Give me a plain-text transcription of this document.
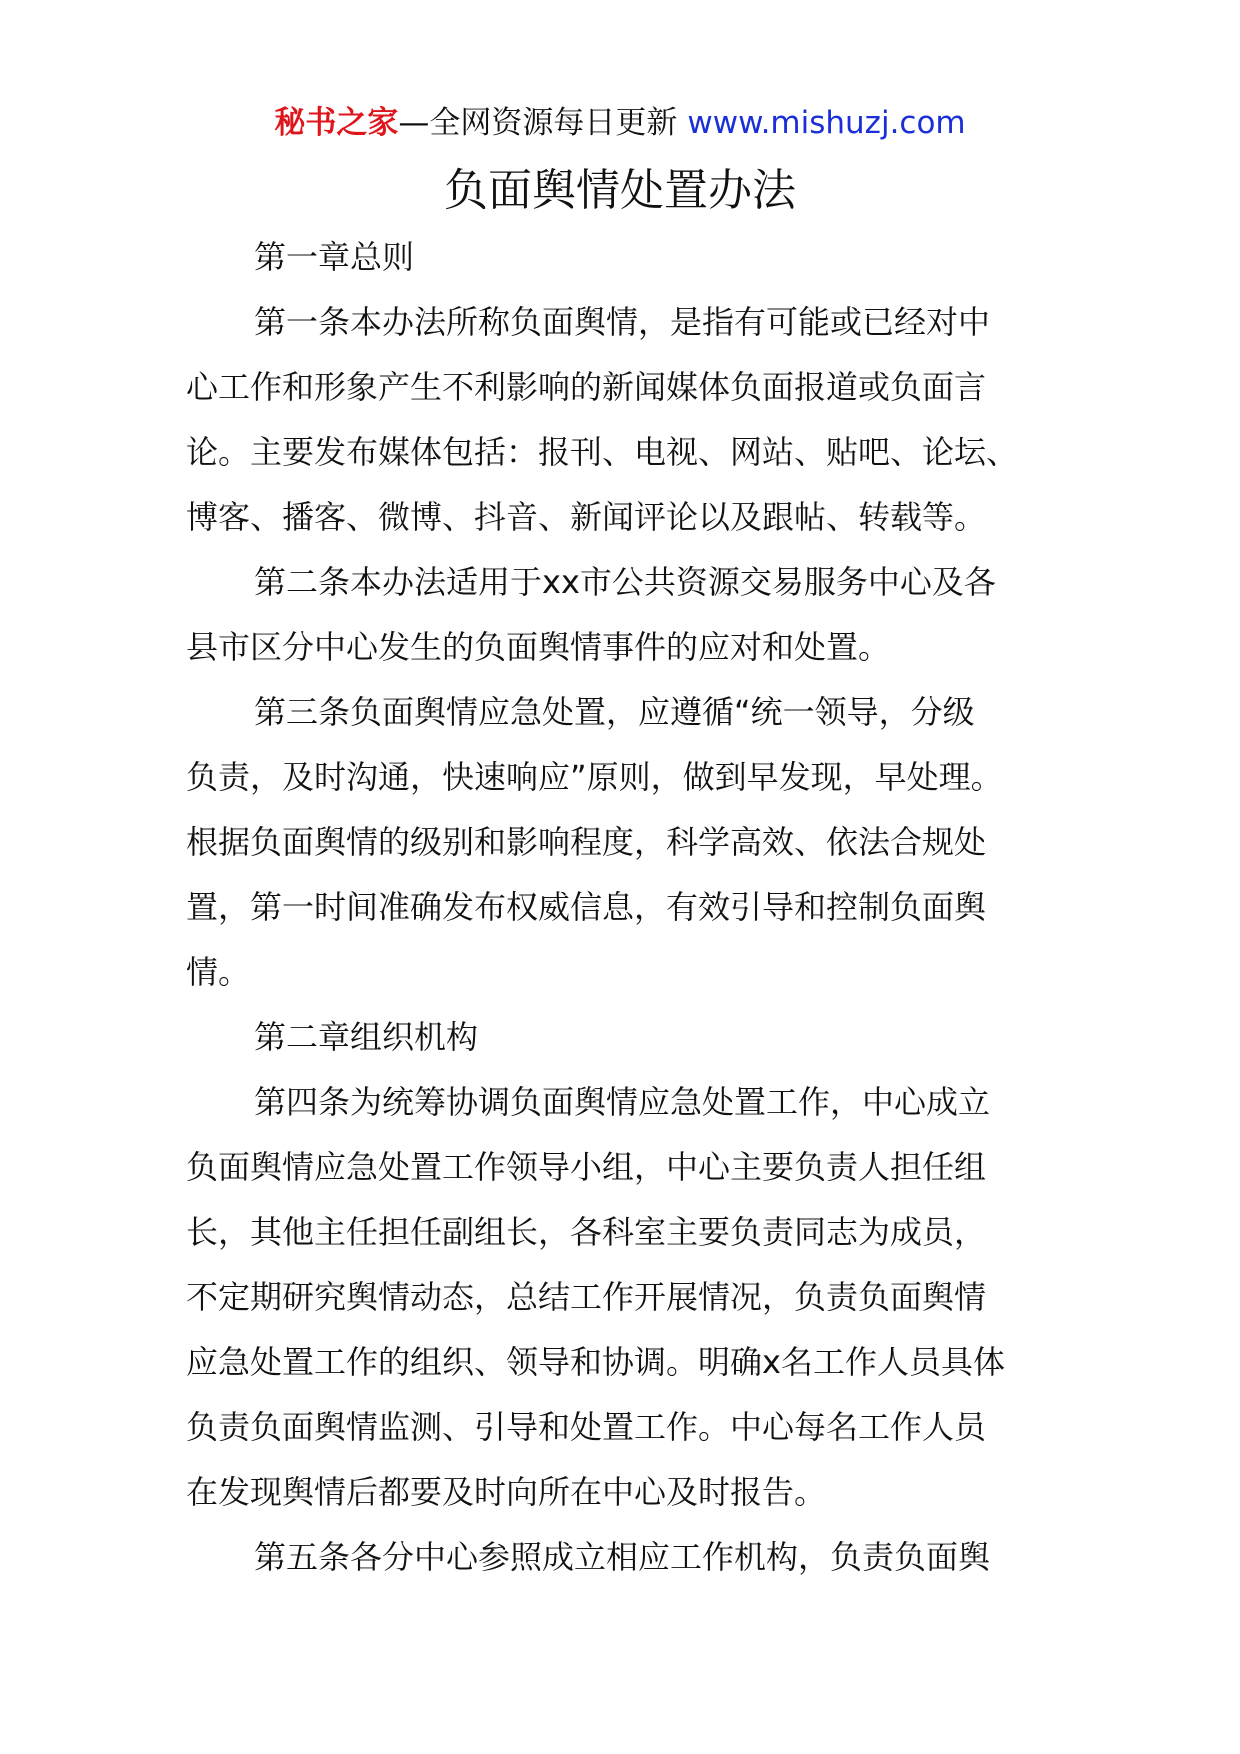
秘书之家—全网资源每日更新 www.mishuzj.com
负面舆情处置办法
第一章总则
第一条本办法所称负面舆情，是指有可能或已经对中
心工作和形象产生不利影响的新闻媒体负面报道或负面言
论。主要发布媒体包括：报刊、电视、网站、贴吧、论坛、
博客、播客、微博、抖音、新闻评论以及跟帖、转载等。
第二条本办法适用于xx市公共资源交易服务中心及各
县市区分中心发生的负面舆情事件的应对和处置。
第三条负面舆情应急处置，应遵循“统一领导，分级
负责，及时沟通，快速响应”原则，做到早发现，早处理。
根据负面舆情的级别和影响程度，科学高效、依法合规处
置，第一时间准确发布权威信息，有效引导和控制负面舆
情。
第二章组织机构
第四条为统筹协调负面舆情应急处置工作，中心成立
负面舆情应急处置工作领导小组，中心主要负责人担任组
长，其他主任担任副组长，各科室主要负责同志为成员，
不定期研究舆情动态，总结工作开展情况，负责负面舆情
应急处置工作的组织、领导和协调。明确x名工作人员具体
负责负面舆情监测、引导和处置工作。中心每名工作人员
在发现舆情后都要及时向所在中心及时报告。
第五条各分中心参照成立相应工作机构，负责负面舆
